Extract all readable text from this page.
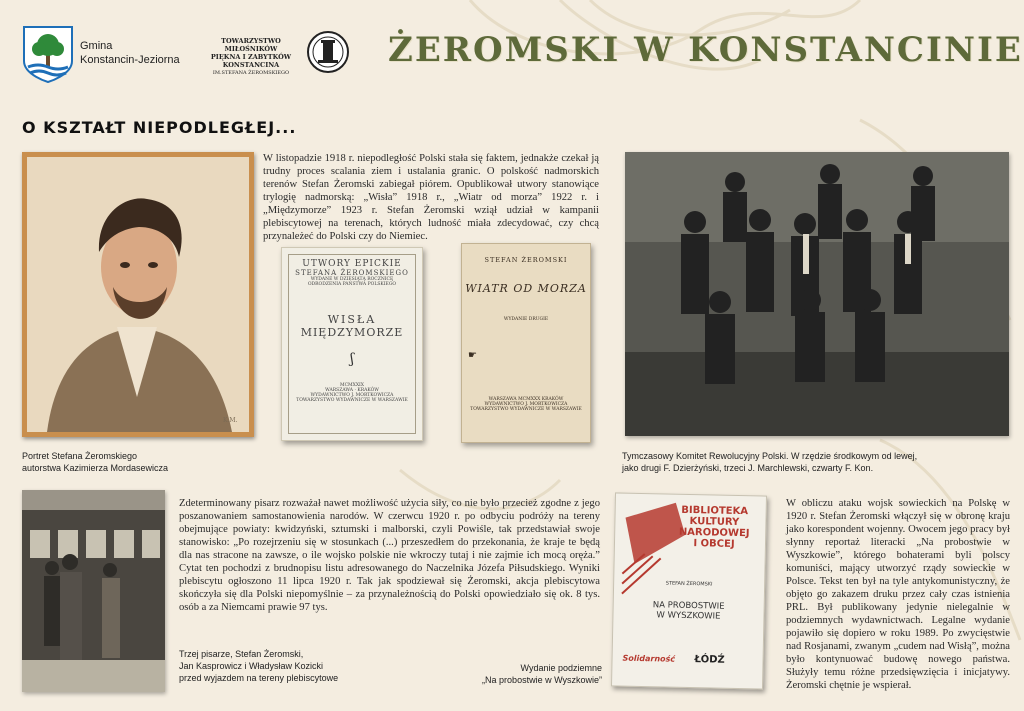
Gmina
Konstancin-Jeziorna
TOWARZYSTWO MIŁOŚNIKÓW
PIĘKNA I ZABYTKÓW
KONSTANCINA
IM.STEFANA ŻEROMSKIEGO
ŻEROMSKI W KONSTANCINIE
O KSZTAŁT NIEPODLEGŁEJ...
K.M.
Portret Stefana Żeromskiego
autorstwa Kazimierza Mordasewicza
W listopadzie 1918 r. niepodległość Polski stała się faktem, jednakże czekał ją trudny proces scalania ziem i ustalania granic. O polskość nadmorskich terenów Stefan Żeromski zabiegał piórem. Opublikował utwory stanowiące trylogię nadmorską: „Wisła” 1918 r., „Wiatr od morza” 1922 r. i „Międzymorze” 1923 r. Stefan Żeromski wziął udział w kampanii plebiscytowej na terenach, których ludność miała zdecydować, czy chcą przynależeć do Polski czy do Niemiec.
UTWORY EPICKIE
STEFANA ŻEROMSKIEGO
WYDANE W DZIESIĄTĄ ROCZNICĘ
ODRODZENIA PAŃSTWA POLSKIEGO
WISŁA
MIĘDZYMORZE
ʃ
MCMXXIX
WARSZAWA · KRAKÓW
WYDAWNICTWO J. MORTKOWICZA
TOWARZYSTWO WYDAWNICZE W WARSZAWIE
STEFAN ŻEROMSKI
WIATR OD MORZA
WYDANIE DRUGIE
☛
WARSZAWA MCMXXX KRAKÓW
WYDAWNICTWO J. MORTKOWICZA
TOWARZYSTWO WYDAWNICZE W WARSZAWIE
Tymczasowy Komitet Rewolucyjny Polski. W rzędzie środkowym od lewej,
jako drugi F. Dzierżyński, trzeci J. Marchlewski, czwarty F. Kon.
Zdeterminowany pisarz rozważał nawet możliwość użycia siły, co nie było przecież zgodne z jego poszanowaniem samostanowienia narodów. W czerwcu 1920 r. po odbyciu podróży na tereny obejmujące powiaty: kwidzyński, sztumski i malborski, czyli Powiśle, tak przedstawiał swoje stanowisko: „Po rozejrzeniu się w stosunkach (...) przeszedłem do przekonania, że kraje te będą dla nas stracone na zawsze, o ile wojsko polskie nie wkroczy tutaj i nie zajmie ich mocą oręża.” Cytat ten pochodzi z brudnopisu listu adresowanego do Naczelnika Józefa Piłsudskiego. Wyniki plebiscytu ogłoszono 11 lipca 1920 r. Tak jak spodziewał się Żeromski, akcja plebiscytowa skończyła się dla Polski niepomyślnie – za przynależnością do Polski opowiedziało się ok. 8 tys. osób a za Niemcami prawie 97 tys.
Trzej pisarze, Stefan Żeromski,
Jan Kasprowicz i Władysław Kozicki
przed wyjazdem na tereny plebiscytowe
Wydanie podziemne
„Na probostwie w Wyszkowie”
BIBLIOTEKA
KULTURY
NARODOWEJ
I OBCEJ
STEFAN ŻEROMSKI
NA PROBOSTWIE
W WYSZKOWIE
Solidarność ŁÓDŹ
W obliczu ataku wojsk sowieckich na Polskę w 1920 r. Stefan Żeromski włączył się w obronę kraju jako korespondent wojenny. Owocem jego pracy był słynny reportaż literacki „Na probostwie w Wyszkowie”, którego bohaterami byli polscy komuniści, mający utworzyć rządy sowieckie w Polsce. Tekst ten był na tyle antykomunistyczny, że objęto go zakazem druku przez cały czas istnienia PRL. Był publikowany jedynie nielegalnie w podziemnych wydawnictwach. Legalne wydanie pojawiło się dopiero w roku 1989. Po zwycięstwie nad Rosjanami, zwanym „cudem nad Wisłą”, można było kontynuować budowę nowego państwa. Służyły temu różne przedsięwzięcia i inicjatywy. Żeromski chętnie je wspierał.
